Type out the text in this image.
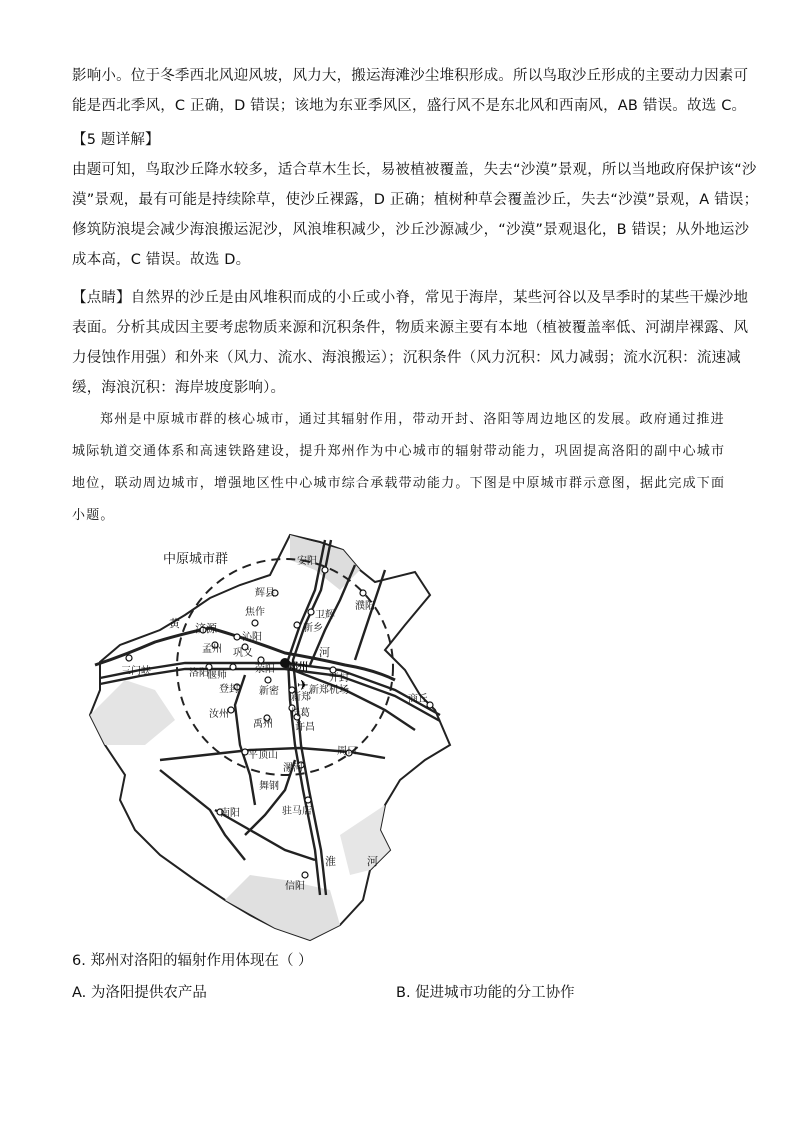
影响小。位于冬季西北风迎风坡，风力大，搬运海滩沙尘堆积形成。所以鸟取沙丘形成的主要动力因素可
能是西北季风，C 正确，D 错误；该地为东亚季风区，盛行风不是东北风和西南风，AB 错误。故选 C。
【5 题详解】
由题可知，鸟取沙丘降水较多，适合草木生长，易被植被覆盖，失去“沙漠”景观，所以当地政府保护该“沙
漠”景观，最有可能是持续除草，使沙丘裸露，D 正确；植树种草会覆盖沙丘，失去“沙漠”景观，A 错误；
修筑防浪堤会减少海浪搬运泥沙，风浪堆积减少，沙丘沙源减少，“沙漠”景观退化，B 错误；从外地运沙
成本高，C 错误。故选 D。
【点睛】自然界的沙丘是由风堆积而成的小丘或小脊，常见于海岸，某些河谷以及旱季时的某些干燥沙地
表面。分析其成因主要考虑物质来源和沉积条件，物质来源主要有本地（植被覆盖率低、河湖岸裸露、风
力侵蚀作用强）和外来（风力、流水、海浪搬运）；沉积条件（风力沉积：风力减弱；流水沉积：流速减
缓，海浪沉积：海岸坡度影响）。
郑州是中原城市群的核心城市，通过其辐射作用，带动开封、洛阳等周边地区的发展。政府通过推进
城际轨道交通体系和高速铁路建设，提升郑州作为中心城市的辐射带动能力，巩固提高洛阳的副中心城市
地位，联动周边城市，增强地区性中心城市综合承载带动能力。下图是中原城市群示意图，据此完成下面
小题。
中原城市群
✈
安阳
辉县
濮阳
焦作	卫辉
新乡
济源
沁阳
孟州 巩义
三门峡	洛阳
偃师
荥阳 郑州
开封
登封 新密
新郑
新郑机场
商丘
汝州
禹州
长葛
许昌
平顶山	周口
漯河
舞钢
南阳	驻马店
信阳
黄
河
淮	河
6. 郑州对洛阳的辐射作用体现在（ ）
A. 为洛阳提供农产品	B. 促进城市功能的分工协作
